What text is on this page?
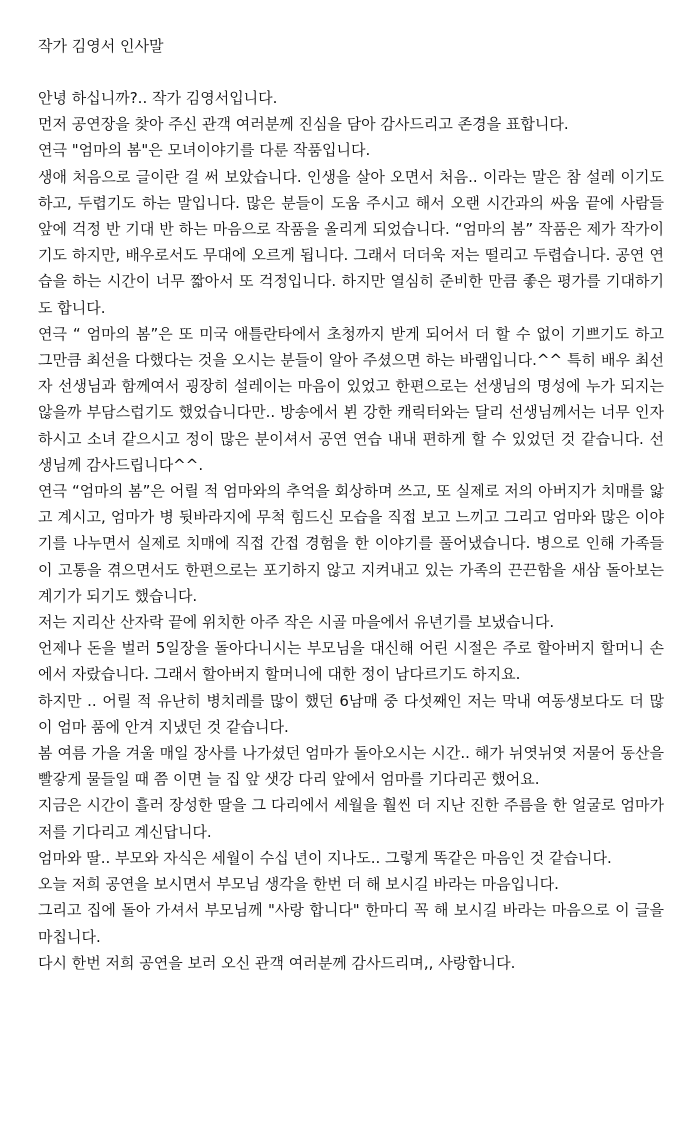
작가 김영서 인사말

안녕 하십니까?.. 작가 김영서입니다.

먼저 공연장을 찾아 주신 관객 여러분께 진심을 담아 감사드리고 존경을 표합니다.

연극 "엄마의 봄"은 모녀이야기를 다룬 작품입니다.

생애 처음으로 글이란 걸 써 보았습니다. 인생을 살아 오면서 처음.. 이라는 말은 참 설레 이기도하고, 두렵기도 하는 말입니다. 많은 분들이 도움 주시고 해서 오랜 시간과의 싸움 끝에 사람들 앞에 걱정 반 기대 반 하는 마음으로 작품을 올리게 되었습니다. “엄마의 봄” 작품은 제가 작가이기도 하지만, 배우로서도 무대에 오르게 됩니다. 그래서 더더욱 저는 떨리고 두렵습니다. 공연 연습을 하는 시간이 너무 짧아서 또 걱정입니다. 하지만 열심히 준비한 만큼 좋은 평가를 기대하기도 합니다.

연극 “ 엄마의 봄”은 또 미국 애틀란타에서 초청까지 받게 되어서 더 할 수 없이 기쁘기도 하고 그만큼 최선을 다했다는 것을 오시는 분들이 알아 주셨으면 하는 바램입니다.^^ 특히 배우 최선자 선생님과 함께여서 굉장히 설레이는 마음이 있었고 한편으로는 선생님의 명성에 누가 되지는 않을까 부담스럽기도 했었습니다만.. 방송에서 뵌 강한 캐릭터와는 달리 선생님께서는 너무 인자하시고 소녀 같으시고 정이 많은 분이셔서 공연 연습 내내 편하게 할 수 있었던 것 같습니다. 선생님께 감사드립니다^^.

연극 “엄마의 봄”은 어릴 적 엄마와의 추억을 회상하며 쓰고, 또 실제로 저의 아버지가 치매를 앓고 계시고, 엄마가 병 뒷바라지에 무척 힘드신 모습을 직접 보고 느끼고 그리고 엄마와 많은 이야기를 나누면서 실제로 치매에 직접 간접 경험을 한 이야기를 풀어냈습니다. 병으로 인해 가족들이 고통을 겪으면서도 한편으로는 포기하지 않고 지켜내고 있는 가족의 끈끈함을 새삼 돌아보는 계기가 되기도 했습니다.

저는 지리산 산자락 끝에 위치한 아주 작은 시골 마을에서 유년기를 보냈습니다.

언제나 돈을 벌러 5일장을 돌아다니시는 부모님을 대신해 어린 시절은 주로 할아버지 할머니 손에서 자랐습니다. 그래서 할아버지 할머니에 대한 정이 남다르기도 하지요.

하지만 .. 어릴 적 유난히 병치레를 많이 했던 6남매 중 다섯째인 저는 막내 여동생보다도 더 많이 엄마 품에 안겨 지냈던 것 같습니다.

봄 여름 가을 겨울 매일 장사를 나가셨던 엄마가 돌아오시는 시간.. 해가 뉘엿뉘엿 저물어 동산을 빨갛게 물들일 때 쯤 이면 늘 집 앞 샛강 다리 앞에서 엄마를 기다리곤 했어요.

지금은 시간이 흘러 장성한 딸을 그 다리에서 세월을 훨씬 더 지난 진한 주름을 한 얼굴로 엄마가 저를 기다리고 계신답니다.

엄마와 딸.. 부모와 자식은 세월이 수십 년이 지나도.. 그렇게 똑같은 마음인 것 같습니다.

오늘 저희 공연을 보시면서 부모님 생각을 한번 더 해 보시길 바라는 마음입니다.

그리고 집에 돌아 가셔서 부모님께 "사랑 합니다" 한마디 꼭 해 보시길 바라는 마음으로 이 글을 마칩니다.

다시 한번 저희 공연을 보러 오신 관객 여러분께 감사드리며,, 사랑합니다.
